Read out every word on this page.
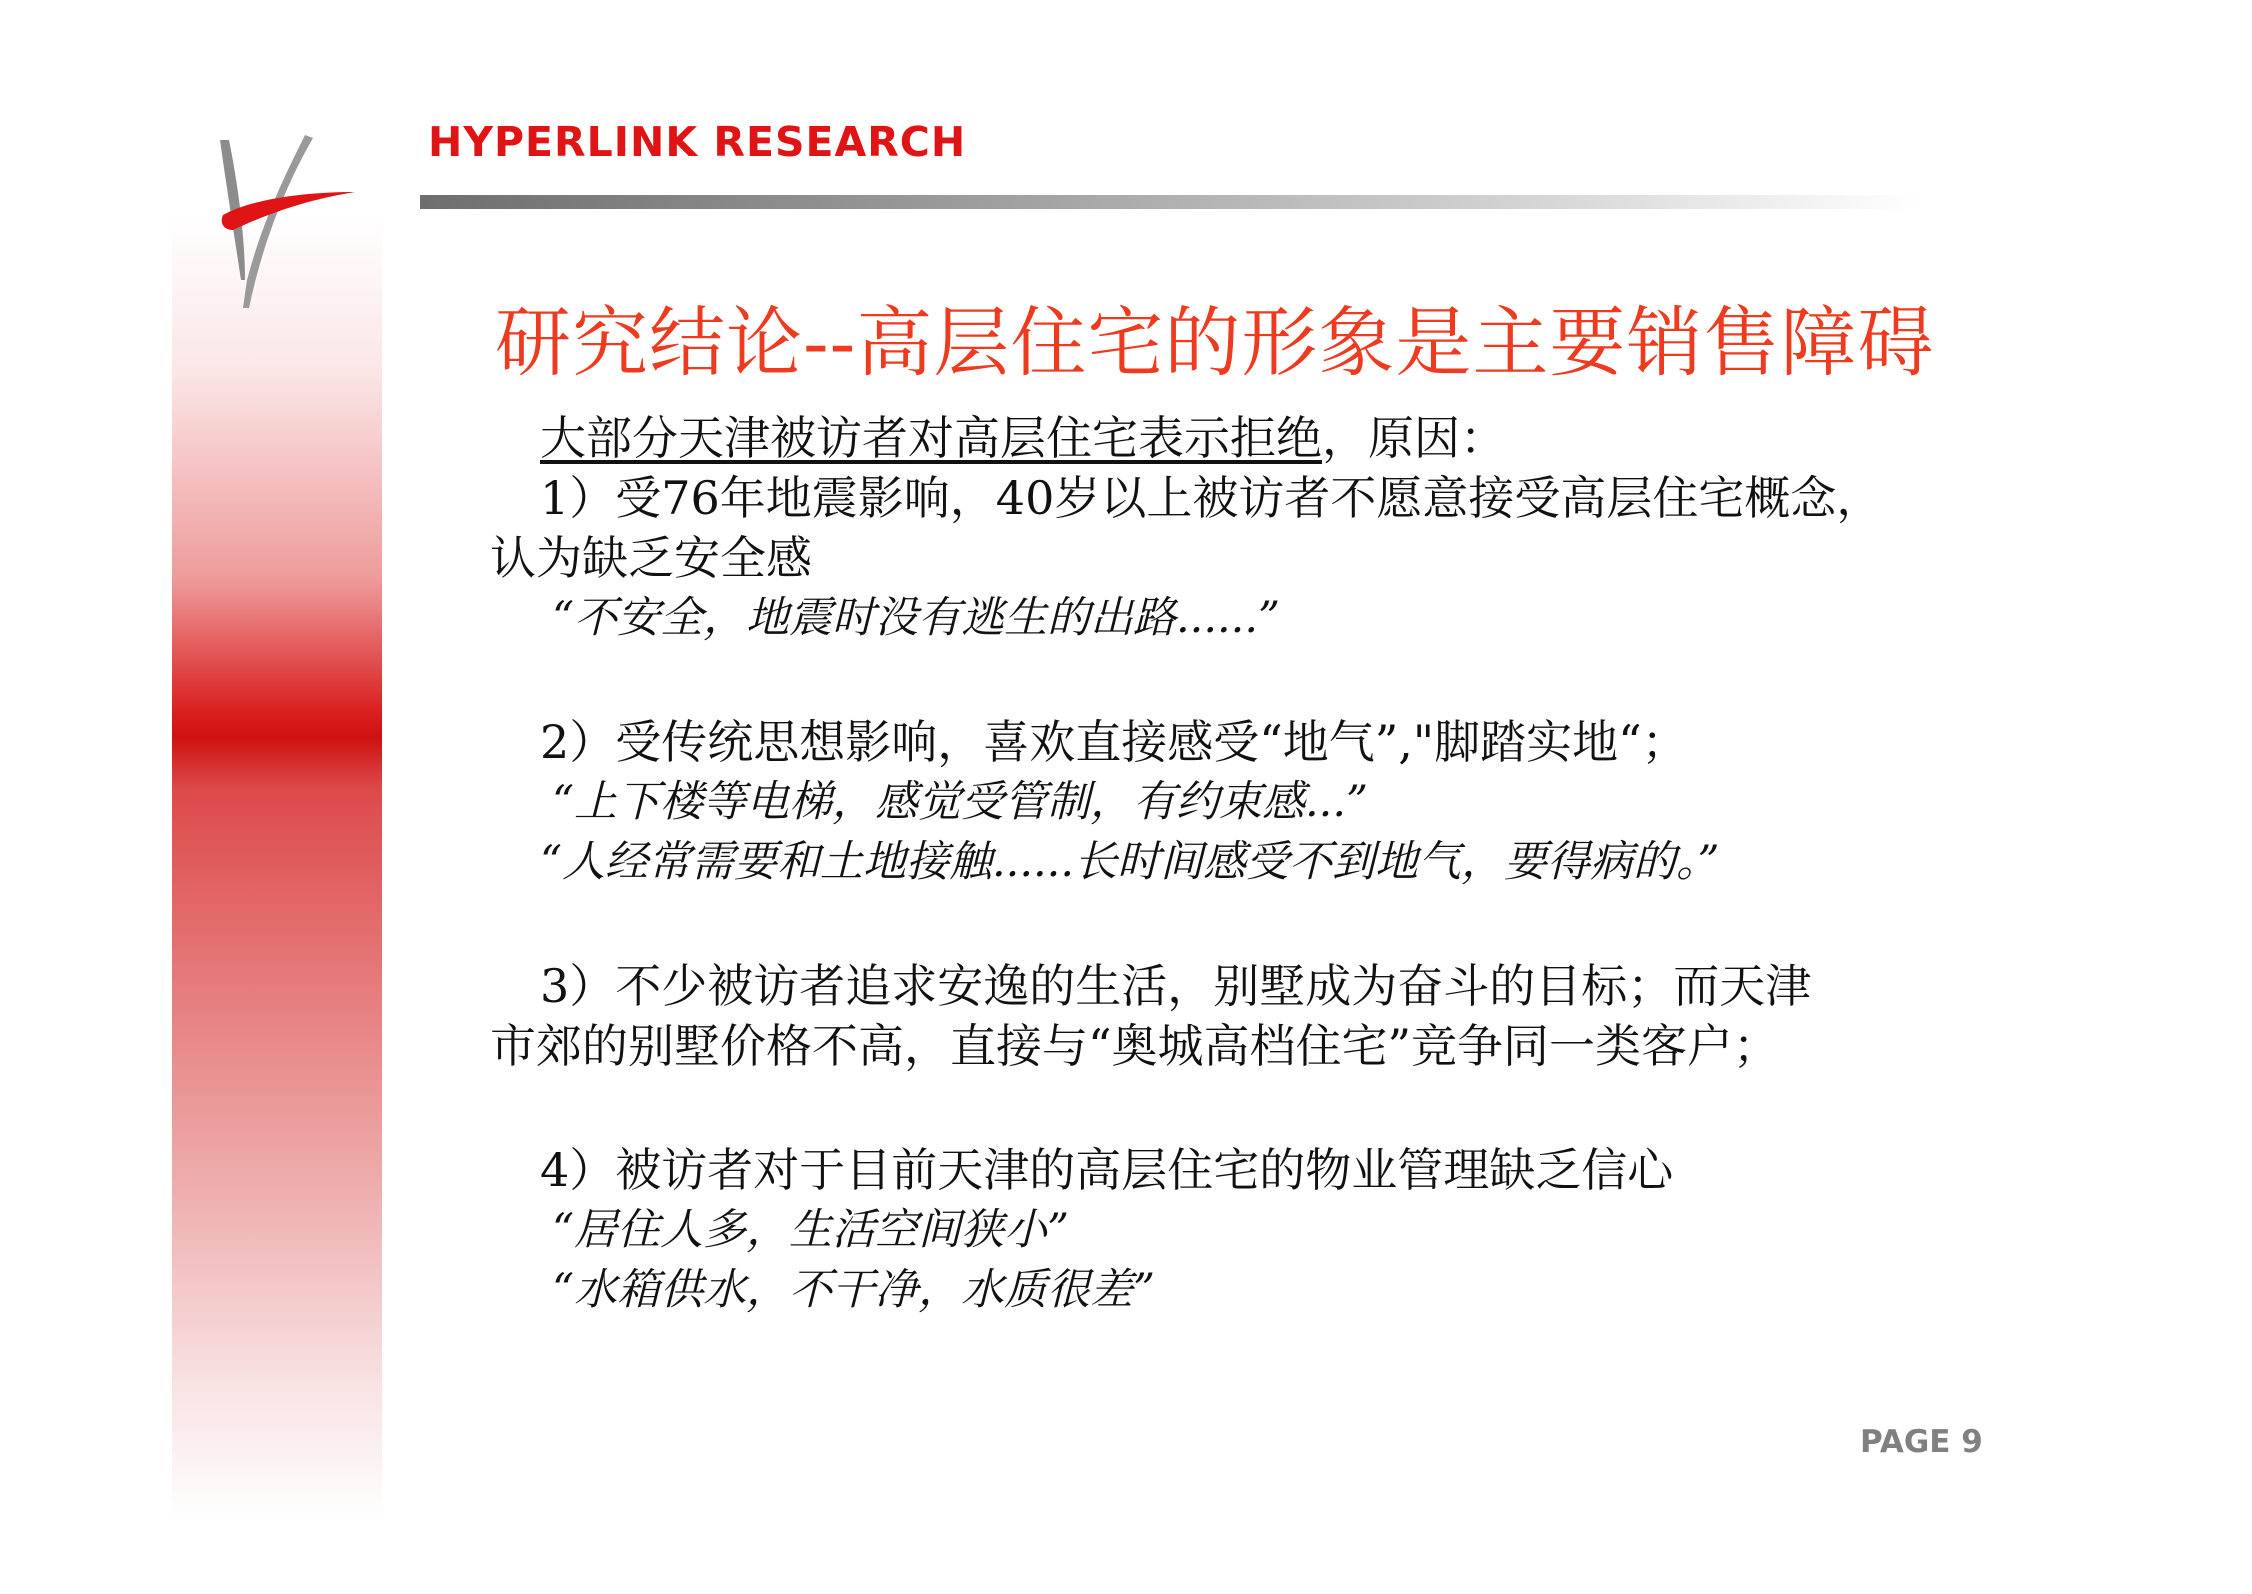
HYPERLINK RESEARCH
研究结论--高层住宅的形象是主要销售障碍
大部分天津被访者对高层住宅表示拒绝，原因：
1）受76年地震影响，40岁以上被访者不愿意接受高层住宅概念，
认为缺乏安全感
“不安全，地震时没有逃生的出路......”
2）受传统思想影响，喜欢直接感受“地气”,"脚踏实地“；
“上下楼等电梯，感觉受管制，有约束感...”
“人经常需要和土地接触......长时间感受不到地气，要得病的。”
3）不少被访者追求安逸的生活，别墅成为奋斗的目标；而天津
市郊的别墅价格不高，直接与“奥城高档住宅”竞争同一类客户；
4）被访者对于目前天津的高层住宅的物业管理缺乏信心
“居住人多，生活空间狭小”
“水箱供水，不干净，水质很差”
PAGE 9
